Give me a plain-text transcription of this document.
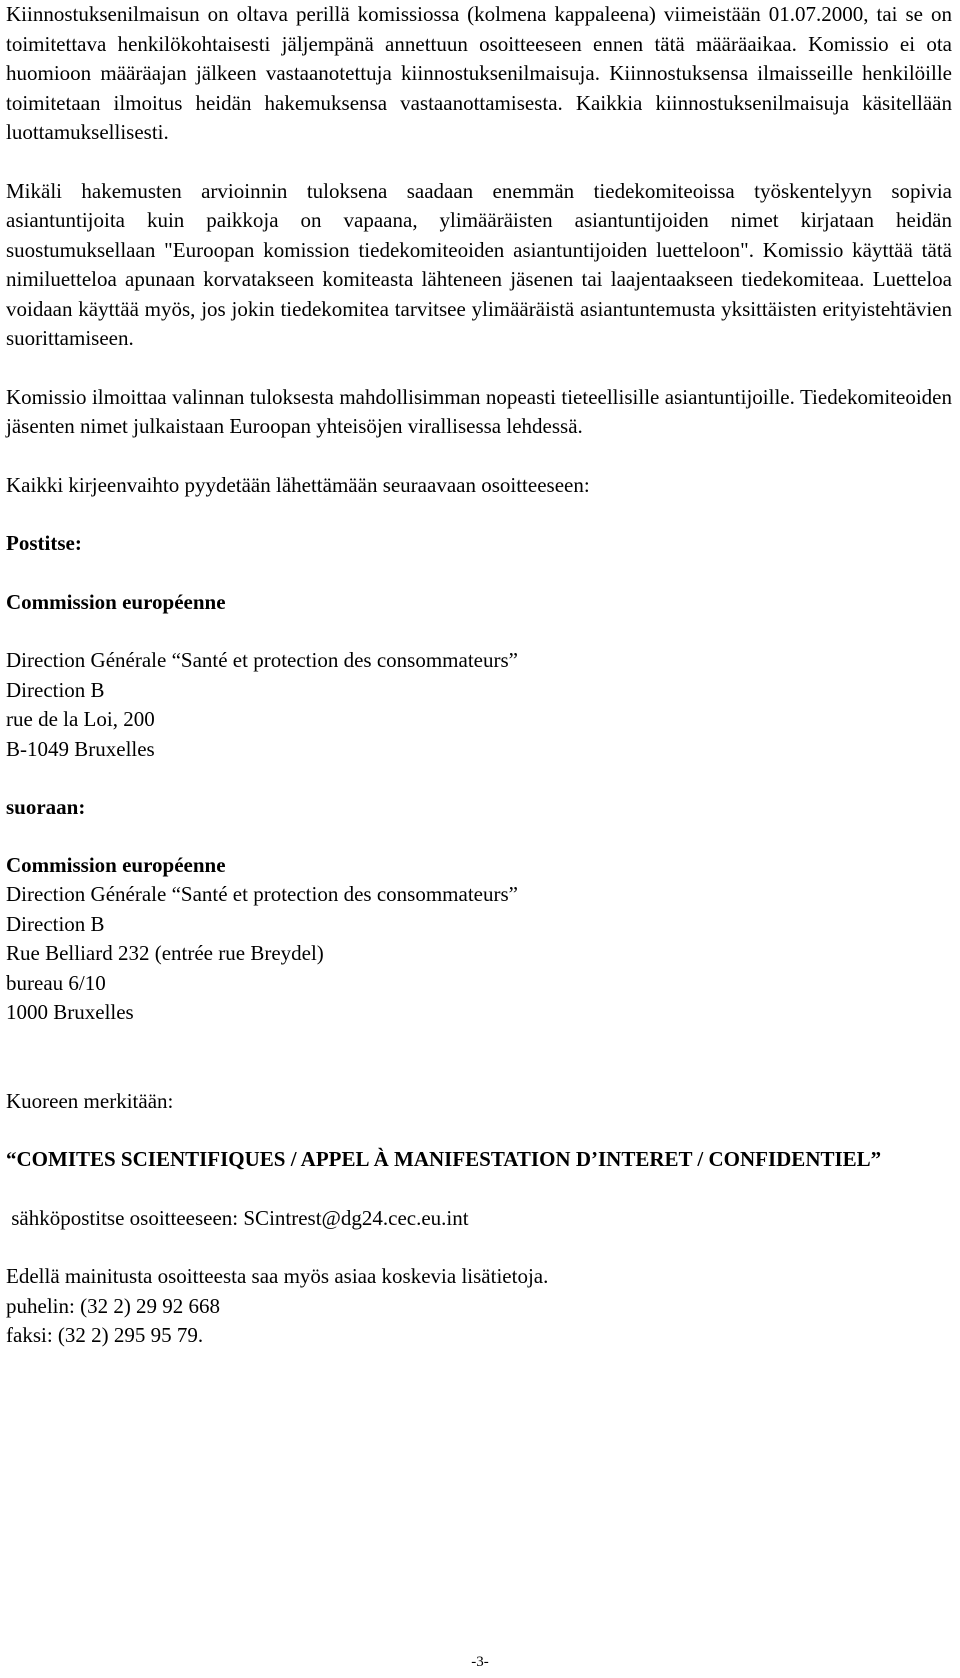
Kiinnostuksenilmaisun on oltava perillä komissiossa (kolmena kappaleena) viimeistään 01.07.2000, tai se on toimitettava henkilökohtaisesti jäljempänä annettuun osoitteeseen ennen tätä määräaikaa. Komissio ei ota huomioon määräajan jälkeen vastaanotettuja kiinnostuksenilmaisuja. Kiinnostuksensa ilmaisseille henkilöille toimitetaan ilmoitus heidän hakemuksensa vastaanottamisesta. Kaikkia kiinnostuksenilmaisuja käsitellään luottamuksellisesti.

Mikäli hakemusten arvioinnin tuloksena saadaan enemmän tiedekomiteoissa työskentelyyn sopivia asiantuntijoita kuin paikkoja on vapaana, ylimääräisten asiantuntijoiden nimet kirjataan heidän suostumuksellaan "Euroopan komission tiedekomiteoiden asiantuntijoiden luetteloon". Komissio käyttää tätä nimiluetteloa apunaan korvatakseen komiteasta lähteneen jäsenen tai laajentaakseen tiedekomiteaa. Luetteloa voidaan käyttää myös, jos jokin tiedekomitea tarvitsee ylimääräistä asiantuntemusta yksittäisten erityistehtävien suorittamiseen.

Komissio ilmoittaa valinnan tuloksesta mahdollisimman nopeasti tieteellisille asiantuntijoille. Tiedekomiteoiden jäsenten nimet julkaistaan Euroopan yhteisöjen virallisessa lehdessä.

Kaikki kirjeenvaihto pyydetään lähettämään seuraavaan osoitteeseen:

Postitse:

Commission européenne

Direction Générale “Santé et protection des consommateurs”

Direction B

rue de la Loi, 200

B-1049 Bruxelles

suoraan:

Commission européenne

Direction Générale “Santé et protection des consommateurs”

Direction B

Rue Belliard 232 (entrée rue Breydel)

bureau 6/10

1000 Bruxelles

Kuoreen merkitään:

“COMITES SCIENTIFIQUES / APPEL À MANIFESTATION D’INTERET / CONFIDENTIEL”

sähköpostitse osoitteeseen: SCintrest@dg24.cec.eu.int

Edellä mainitusta osoitteesta saa myös asiaa koskevia lisätietoja.

puhelin: (32 2) 29 92 668

faksi: (32 2) 295 95 79.

-3-
